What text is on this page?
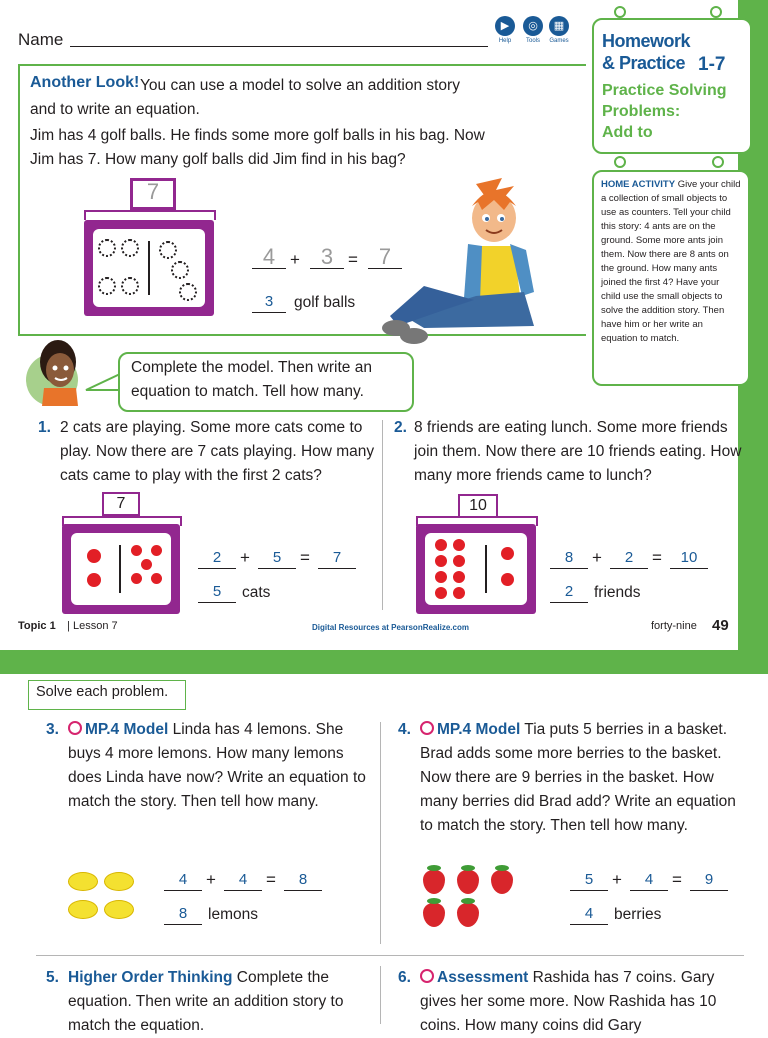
Name
▶
Help
◎
Tools
▦
Games Homework
& Practice 1-7
Practice Solving
Problems:
Add to
You can use a model to solve an addition story and to write an equation.
Another Look!
Jim has 4 golf balls. He finds some more golf balls in his bag. Now Jim has 7. How many golf balls did Jim find in his bag?
7
4 + 3 = 7
3	golf balls
HOME ACTIVITY Give your child a collection of small objects to use as counters. Tell your child this story: 4 ants are on the ground. Some more ants join them. Now there are 8 ants on the ground. How many ants joined the first 4? Have your child use the small objects to solve the addition story. Then have him or her write an equation to match.
Complete the model. Then write an equation to match. Tell how many.
1. 2 cats are playing. Some more cats come to play. Now there are 7 cats playing. How many cats came to play with the first 2 cats?
7
2	+	5	=	7
5	cats
2. 8 friends are eating lunch. Some more friends join them. Now there are 10 friends eating. How many more friends came to lunch?
10
8	+	2	=	10
2	friends
Topic 1 | Lesson 7	Digital Resources at PearsonRealize.com	forty-nine 49
Solve each problem.
3.	MP.4 Model Linda has 4 lemons. She buys 4 more lemons. How many lemons does Linda have now? Write an equation to match the story. Then tell how many.
4	+	4	=	8
8	lemons
4.	MP.4 Model Tia puts 5 berries in a basket. Brad adds some more berries to the basket. Now there are 9 berries in the basket. How many berries did Brad add? Write an equation to match the story. Then tell how many.
5	+	4	=	9
4	berries
5. Higher Order Thinking Complete the equation. Then write an addition story to match the equation.
6.	Assessment Rashida has 7 coins. Gary gives her some more. Now Rashida has 10 coins. How many coins did Gary
